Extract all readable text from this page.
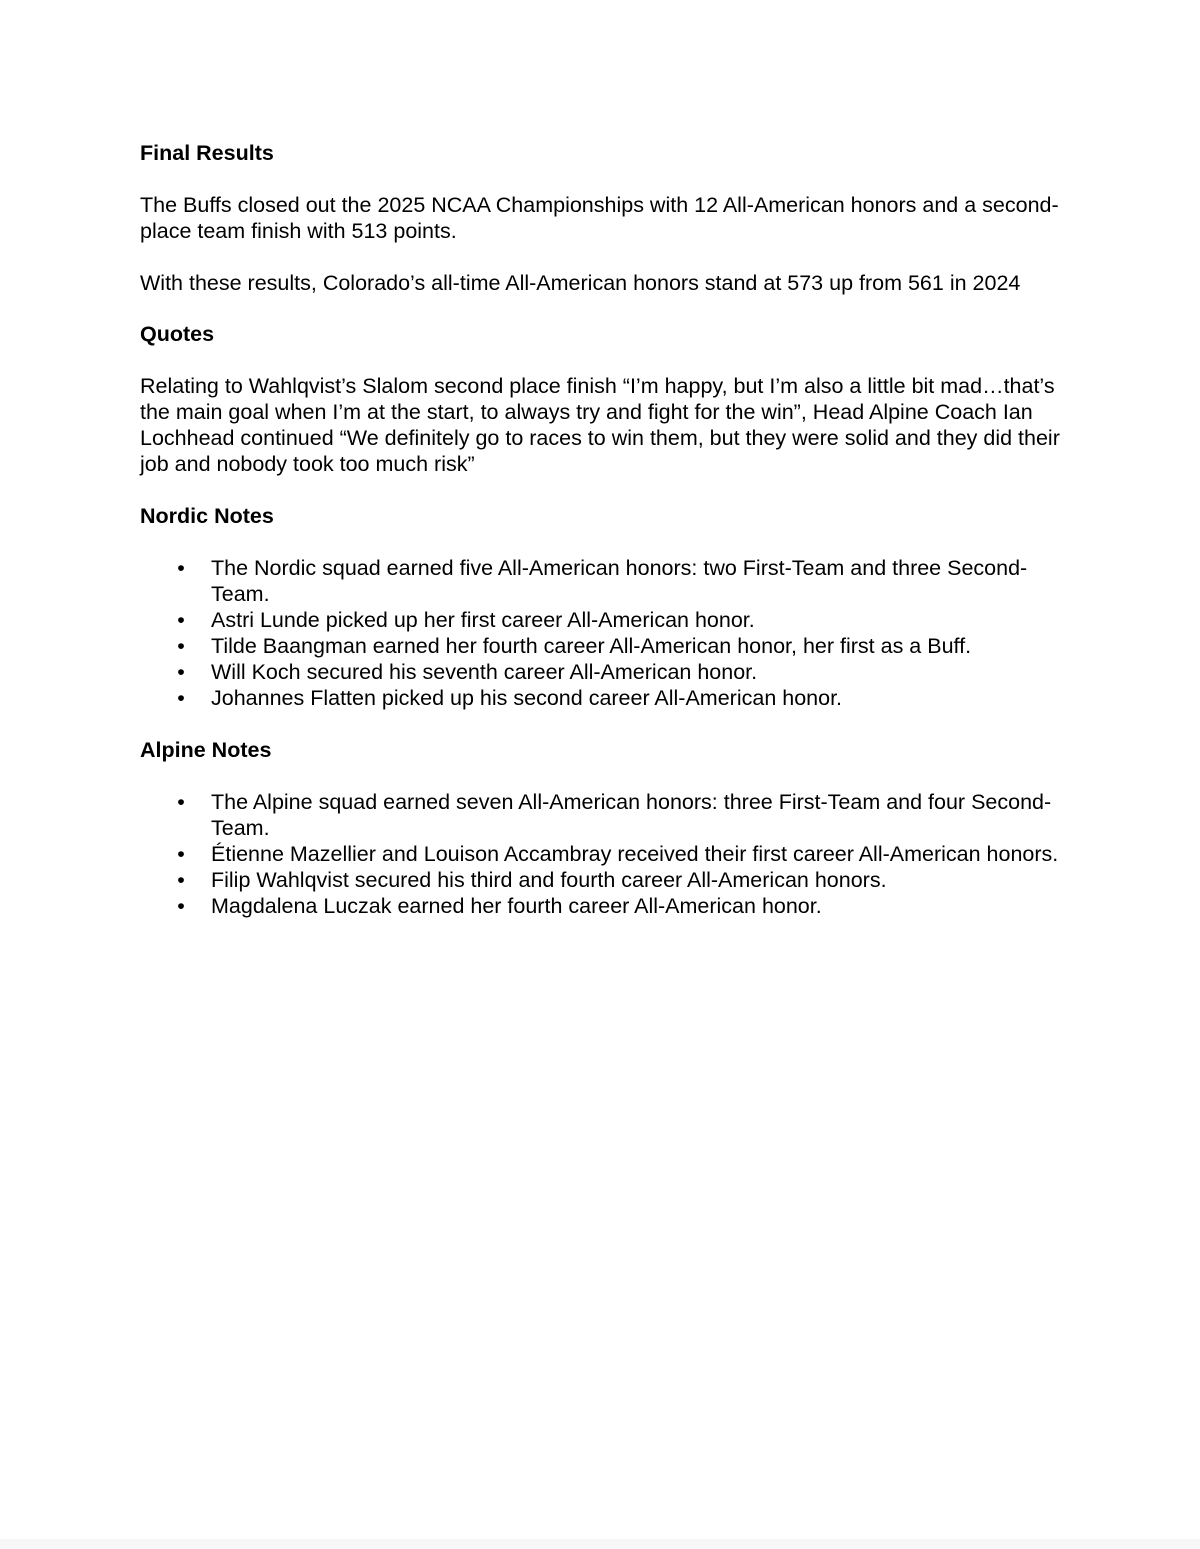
Final Results

The Buffs closed out the 2025 NCAA Championships with 12 All-American honors and a second-place team finish with 513 points.

With these results, Colorado’s all-time All-American honors stand at 573 up from 561 in 2024

Quotes

Relating to Wahlqvist’s Slalom second place finish “I’m happy, but I’m also a little bit mad…that’s the main goal when I’m at the start, to always try and fight for the win”, Head Alpine Coach Ian Lochhead continued “We definitely go to races to win them, but they were solid and they did their job and nobody took too much risk”

Nordic Notes

• The Nordic squad earned five All-American honors: two First-Team and three Second-Team.
• Astri Lunde picked up her first career All-American honor.
• Tilde Baangman earned her fourth career All-American honor, her first as a Buff.
• Will Koch secured his seventh career All-American honor.
• Johannes Flatten picked up his second career All-American honor.

Alpine Notes

• The Alpine squad earned seven All-American honors: three First-Team and four Second-Team.
• Étienne Mazellier and Louison Accambray received their first career All-American honors.
• Filip Wahlqvist secured his third and fourth career All-American honors.
• Magdalena Luczak earned her fourth career All-American honor.
